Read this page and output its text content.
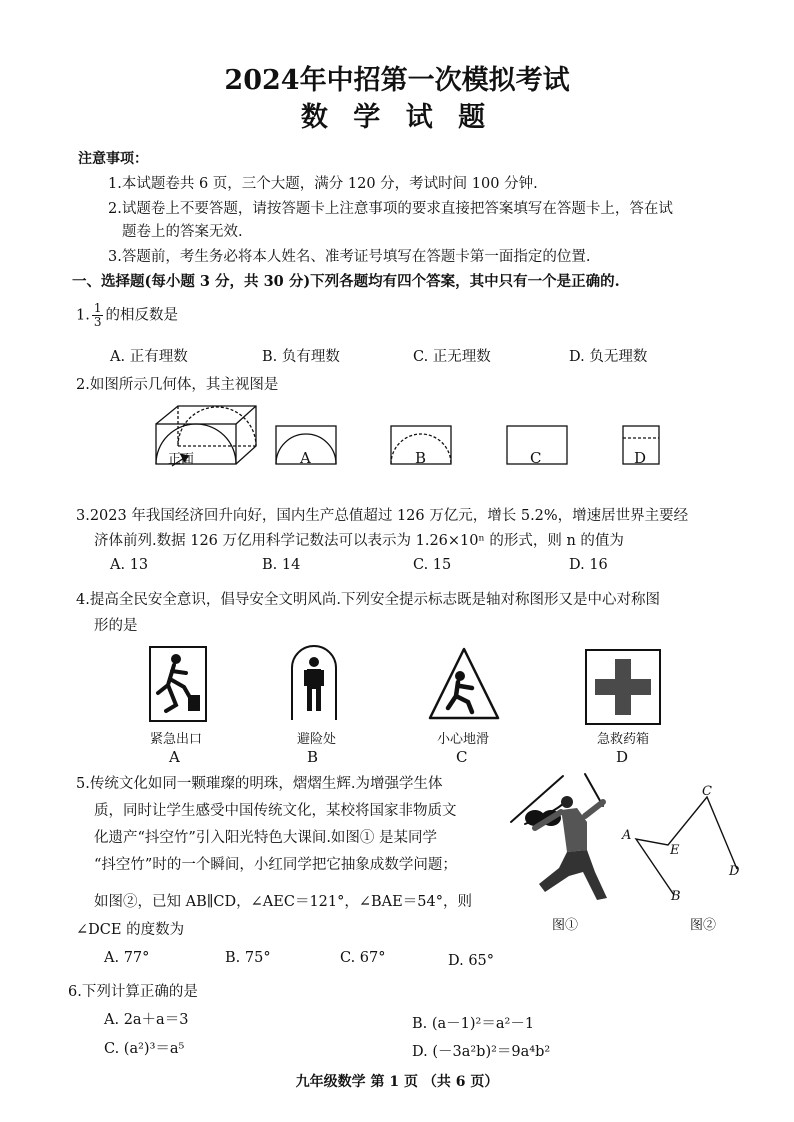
2024年中招第一次模拟考试
数 学 试 题
注意事项：
1.本试题卷共 6 页，三个大题，满分 120 分，考试时间 100 分钟.
2.试题卷上不要答题，请按答题卡上注意事项的要求直接把答案填写在答题卡上，答在试
题卷上的答案无效.
3.答题前，考生务必将本人姓名、准考证号填写在答题卡第一面指定的位置.
一、选择题(每小题 3 分，共 30 分)下列各题均有四个答案，其中只有一个是正确的.
1. $\frac{1}{3}$ 的相反数是
A. 正有理数	B. 负有理数	C. 正无理数	D. 负无理数
2.如图所示几何体，其主视图是
正面	A	B	C	D
3.2023 年我国经济回升向好，国内生产总值超过 126 万亿元，增长 5.2%，增速居世界主要经
济体前列.数据 126 万亿用科学记数法可以表示为 1.26×10ⁿ 的形式，则 n 的值为
A. 13	B. 14	C. 15	D. 16
4.提高全民安全意识，倡导安全文明风尚.下列安全提示标志既是轴对称图形又是中心对称图
形的是
紧急出口	避险处	小心地滑	急救药箱
A	B	C	D
5.传统文化如同一颗璀璨的明珠，熠熠生辉.为增强学生体
质，同时让学生感受中国传统文化，某校将国家非物质文
化遗产“抖空竹”引入阳光特色大课间.如图① 是某同学
“抖空竹”时的一个瞬间，小红同学把它抽象成数学问题；
如图②，已知 AB∥CD，∠AEC＝121°，∠BAE＝54°，则
∠DCE 的度数为
A. 77°	B. 75°	C. 67°	D. 65°
图①
A
B
C
D
E
图②
6.下列计算正确的是
A. 2a＋a＝3	B. (a－1)²＝a²－1
C. (a²)³＝a⁵	D. (－3a²b)²＝9a⁴b²
九年级数学 第 1 页 （共 6 页）
